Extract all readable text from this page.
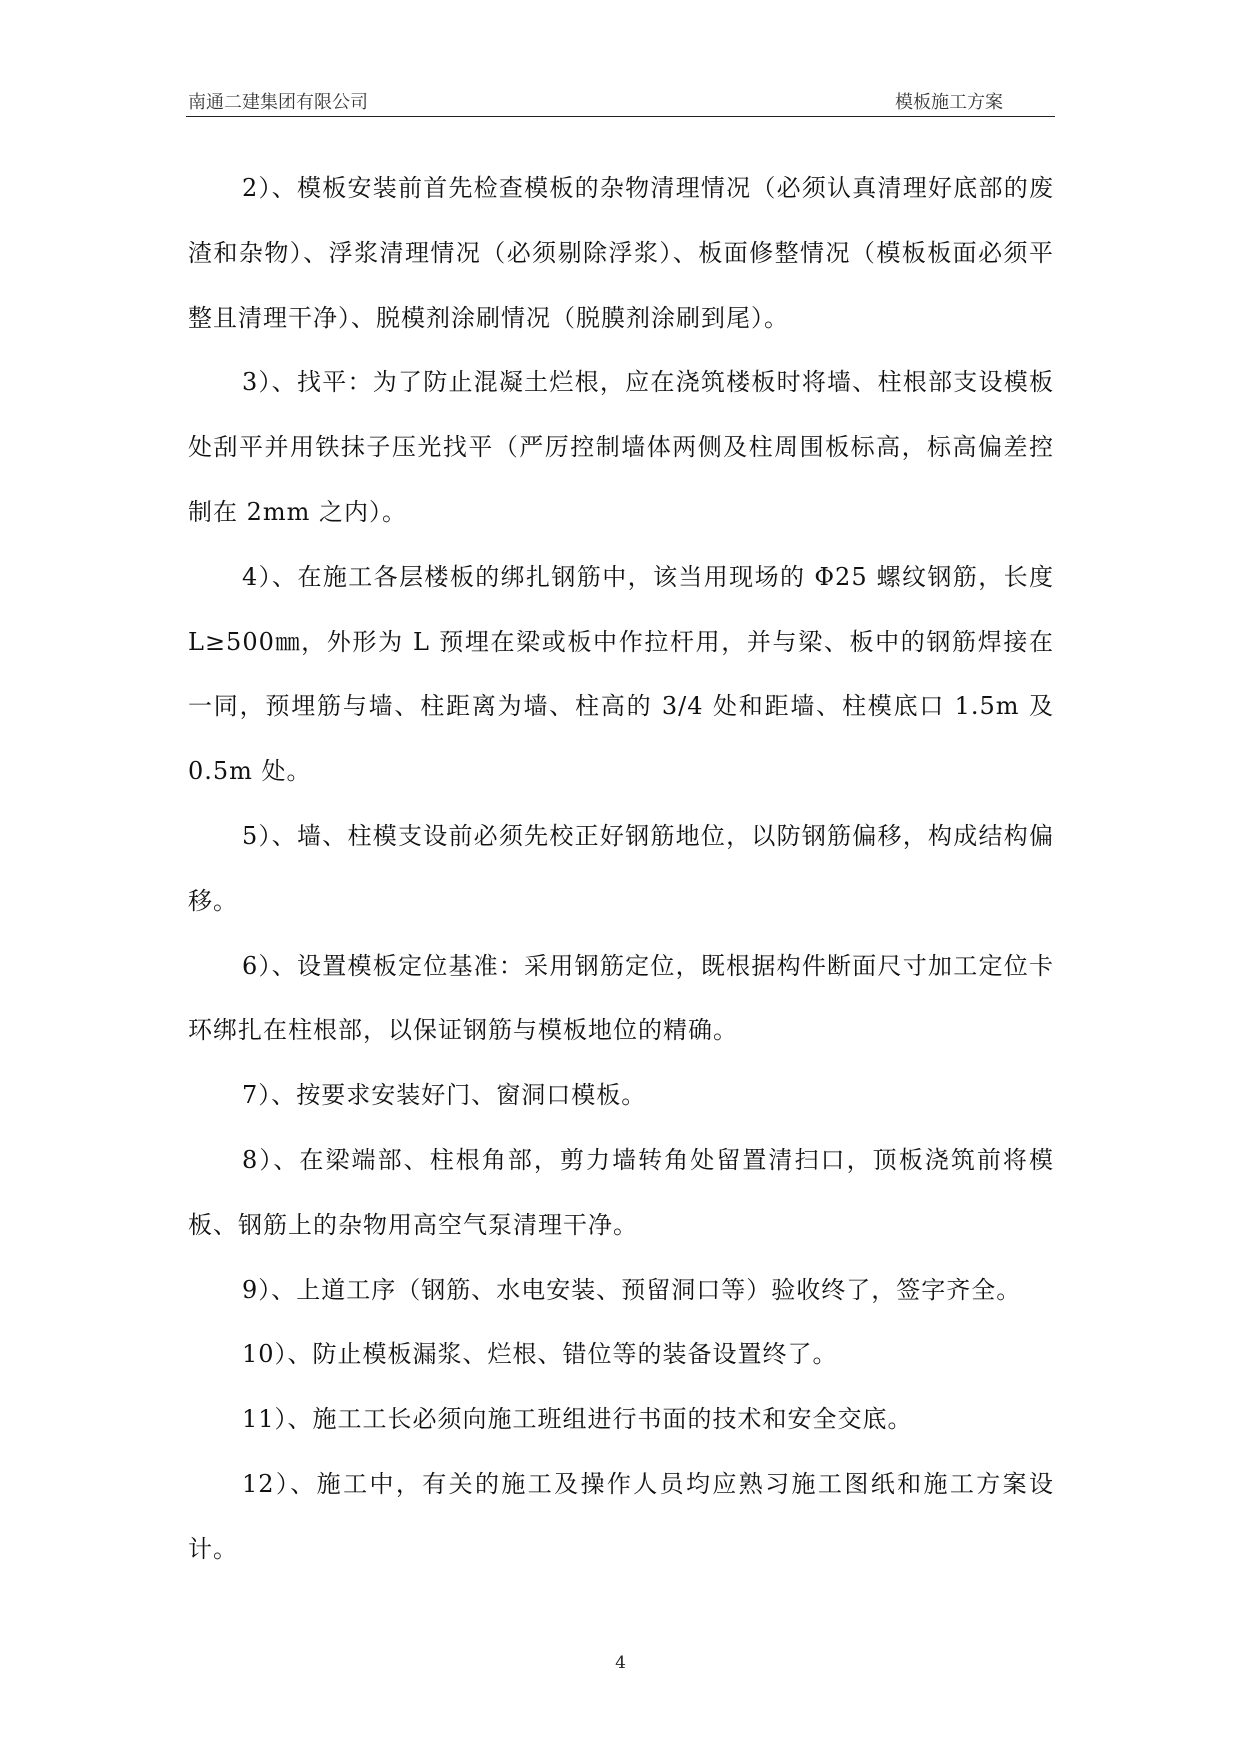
南通二建集团有限公司	模板施工方案

2）、模板安装前首先检查模板的杂物清理情况（必须认真清理好底部的废渣和杂物）、浮浆清理情况（必须剔除浮浆）、板面修整情况（模板板面必须平整且清理干净）、脱模剂涂刷情况（脱膜剂涂刷到尾）。

3）、找平：为了防止混凝土烂根，应在浇筑楼板时将墙、柱根部支设模板处刮平并用铁抹子压光找平（严厉控制墙体两侧及柱周围板标高，标高偏差控制在 2mm 之内）。

4）、在施工各层楼板的绑扎钢筋中，该当用现场的 Φ25 螺纹钢筋，长度 L≥500㎜，外形为 L 预埋在梁或板中作拉杆用，并与梁、板中的钢筋焊接在一同，预埋筋与墙、柱距离为墙、柱高的 3/4 处和距墙、柱模底口 1.5m 及 0.5m 处。

5）、墙、柱模支设前必须先校正好钢筋地位，以防钢筋偏移，构成结构偏移。

6）、设置模板定位基准：采用钢筋定位，既根据构件断面尺寸加工定位卡环绑扎在柱根部，以保证钢筋与模板地位的精确。

7）、按要求安装好门、窗洞口模板。

8）、在梁端部、柱根角部，剪力墙转角处留置清扫口，顶板浇筑前将模板、钢筋上的杂物用高空气泵清理干净。

9）、上道工序（钢筋、水电安装、预留洞口等）验收终了，签字齐全。

10）、防止模板漏浆、烂根、错位等的装备设置终了。

11）、施工工长必须向施工班组进行书面的技术和安全交底。

12）、施工中，有关的施工及操作人员均应熟习施工图纸和施工方案设计。

4
